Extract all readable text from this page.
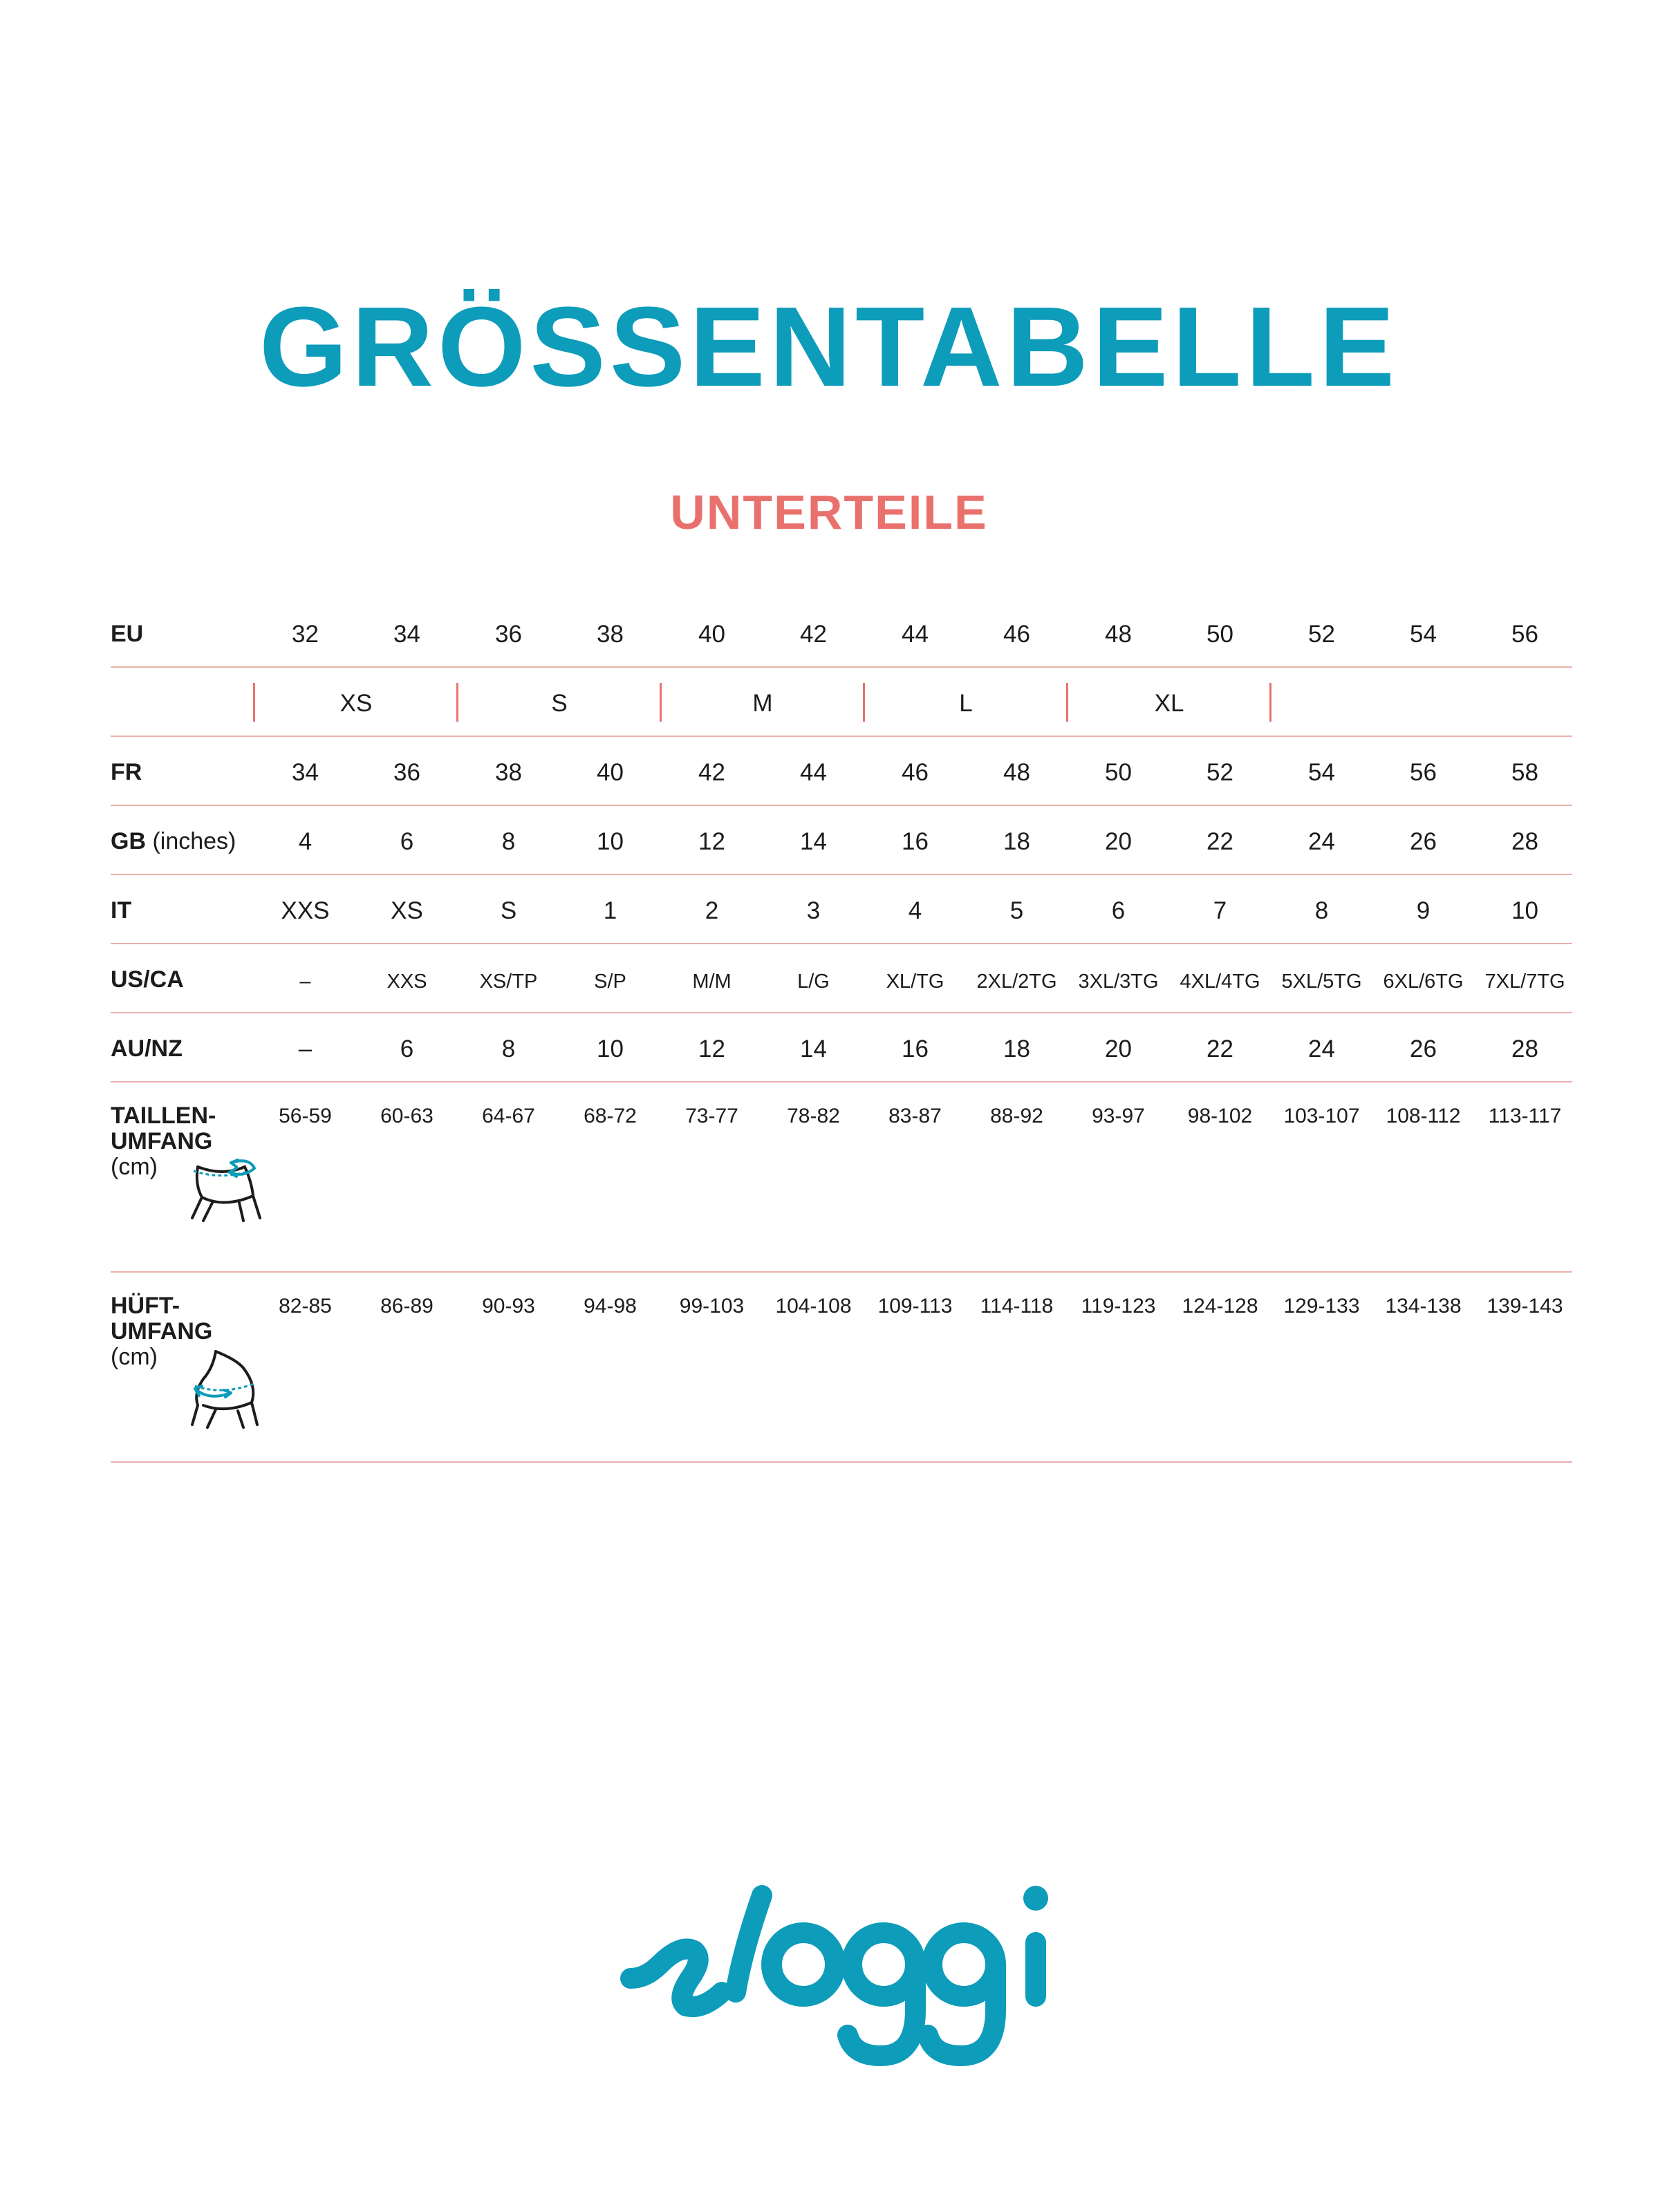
GRÖSSENTABELLE
UNTERTEILE
EU	32	34	36	38	40	42	44	46	48	50	52	54	56
XS	S	M	L	XL
FR	34	36	38	40	42	44	46	48	50	52	54	56	58
GB (inches)	4	6	8	10	12	14	16	18	20	22	24	26	28
IT	XXS	XS	S	1	2	3	4	5	6	7	8	9	10
US/CA	–	XXS	XS/TP	S/P	M/M	L/G	XL/TG	2XL/2TG	3XL/3TG	4XL/4TG	5XL/5TG	6XL/6TG	7XL/7TG
AU/NZ	–	6	8	10	12	14	16	18	20	22	24	26	28
TAILLEN-
UMFANG
(cm)
56-59	60-63	64-67	68-72	73-77	78-82	83-87	88-92	93-97	98-102	103-107	108-112	113-117
HÜFT-
UMFANG
(cm)
82-85	86-89	90-93	94-98	99-103	104-108	109-113	114-118	119-123	124-128	129-133	134-138	139-143
